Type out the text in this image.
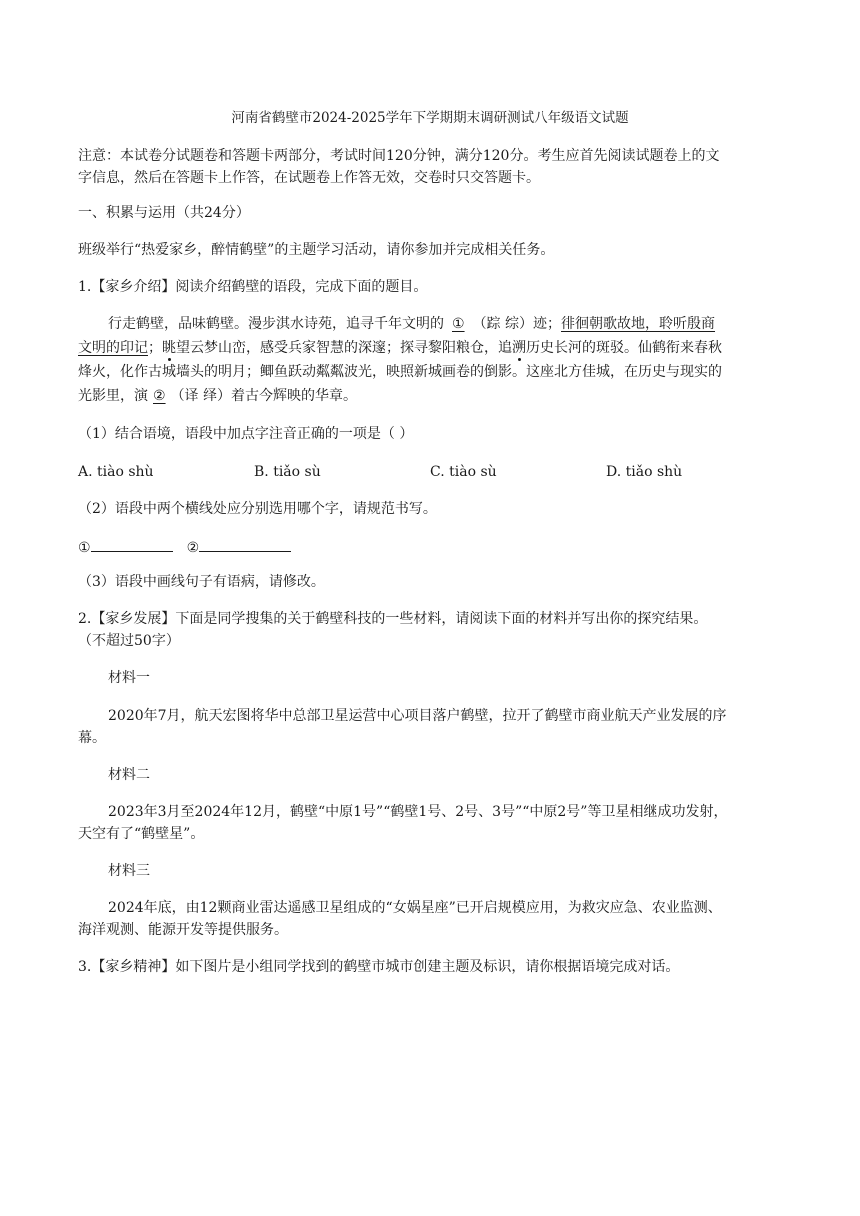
河南省鹤壁市2024-2025学年下学期期末调研测试八年级语文试题
注意：本试卷分试题卷和答题卡两部分，考试时间120分钟，满分120分。考生应首先阅读试题卷上的文
字信息，然后在答题卡上作答，在试题卷上作答无效，交卷时只交答题卡。
一、积累与运用（共24分）
班级举行“热爱家乡，醉情鹤壁”的主题学习活动，请你参加并完成相关任务。
1.【家乡介绍】阅读介绍鹤壁的语段，完成下面的题目。
行走鹤壁，品味鹤壁。漫步淇水诗苑，追寻千年文明的 ① （踪 综）迹；徘徊朝歌故地，聆听殷商
文明的印记；眺望云梦山峦，感受兵家智慧的深邃；探寻黎阳粮仓，追溯历史长河的斑驳。仙鹤衔来春秋
烽火，化作古城墙头的明月；鲫鱼跃动粼粼波光，映照新城画卷的倒影。这座北方佳城，在历史与现实的
光影里，演 ② （译 绎）着古今辉映的华章。
（1）结合语境，语段中加点字注音正确的一项是（ ）
A. tiào shù	B. tiǎo sù	C. tiào sù	D. tiǎo shù
（2）语段中两个横线处应分别选用哪个字，请规范书写。
①	②
（3）语段中画线句子有语病，请修改。
2.【家乡发展】下面是同学搜集的关于鹤壁科技的一些材料，请阅读下面的材料并写出你的探究结果。
（不超过50字）
材料一
2020年7月，航天宏图将华中总部卫星运营中心项目落户鹤壁，拉开了鹤壁市商业航天产业发展的序
幕。
材料二
2023年3月至2024年12月，鹤壁“中原1号”“鹤壁1号、2号、3号”“中原2号”等卫星相继成功发射，
天空有了“鹤壁星”。
材料三
2024年底，由12颗商业雷达遥感卫星组成的“女娲星座”已开启规模应用，为救灾应急、农业监测、
海洋观测、能源开发等提供服务。
3.【家乡精神】如下图片是小组同学找到的鹤壁市城市创建主题及标识，请你根据语境完成对话。
